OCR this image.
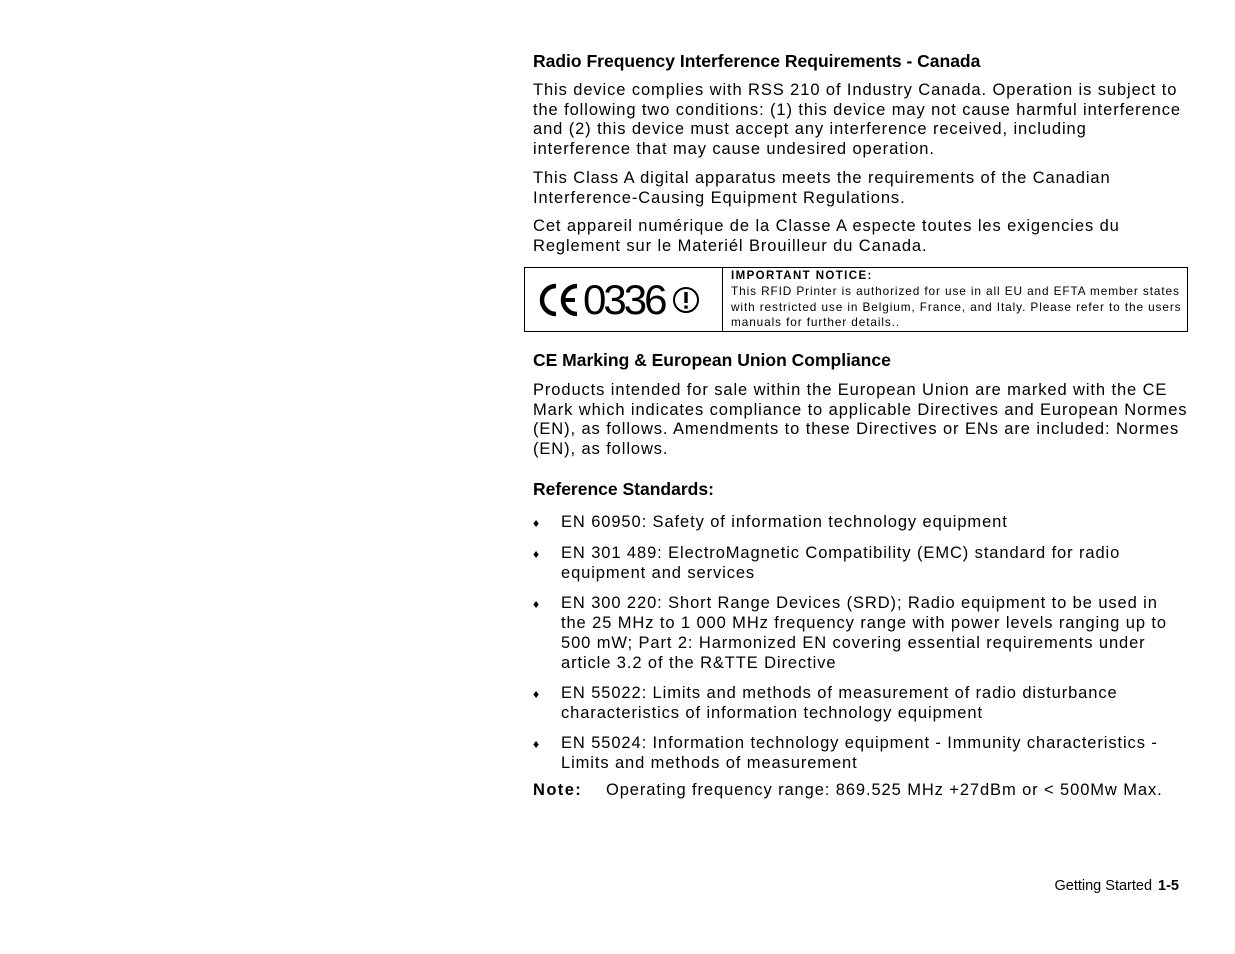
Radio Frequency Interference Requirements - Canada

This device complies with RSS 210 of Industry Canada. Operation is subject to the following two conditions: (1) this device may not cause harmful interference and (2) this device must accept any interference received, including interference that may cause undesired operation.

This Class A digital apparatus meets the requirements of the Canadian Interference-Causing Equipment Regulations.

Cet appareil numérique de la Classe A especte toutes les exigencies du Reglement sur le Materiél Brouilleur du Canada.

0336	IMPORTANT NOTICE:

This RFID Printer is authorized for use in all EU and EFTA member states with restricted use in Belgium, France, and Italy. Please refer to the users manuals for further details..

CE Marking & European Union Compliance

Products intended for sale within the European Union are marked with the CE Mark which indicates compliance to applicable Directives and European Normes (EN), as follows. Amendments to these Directives or ENs are included: Normes (EN), as follows.

Reference Standards:
♦	EN 60950: Safety of information technology equipment
♦	EN 301 489: ElectroMagnetic Compatibility (EMC) standard for radio equipment and services
♦	EN 300 220: Short Range Devices (SRD); Radio equipment to be used in the 25 MHz to 1 000 MHz frequency range with power levels ranging up to 500 mW; Part 2: Harmonized EN covering essential requirements under article 3.2 of the R&TTE Directive
♦	EN 55022: Limits and methods of measurement of radio disturbance characteristics of information technology equipment
♦	EN 55024: Information technology equipment - Immunity characteristics - Limits and methods of measurement
Note:	Operating frequency range: 869.525 MHz +27dBm or < 500Mw Max.
Getting Started 1-5
